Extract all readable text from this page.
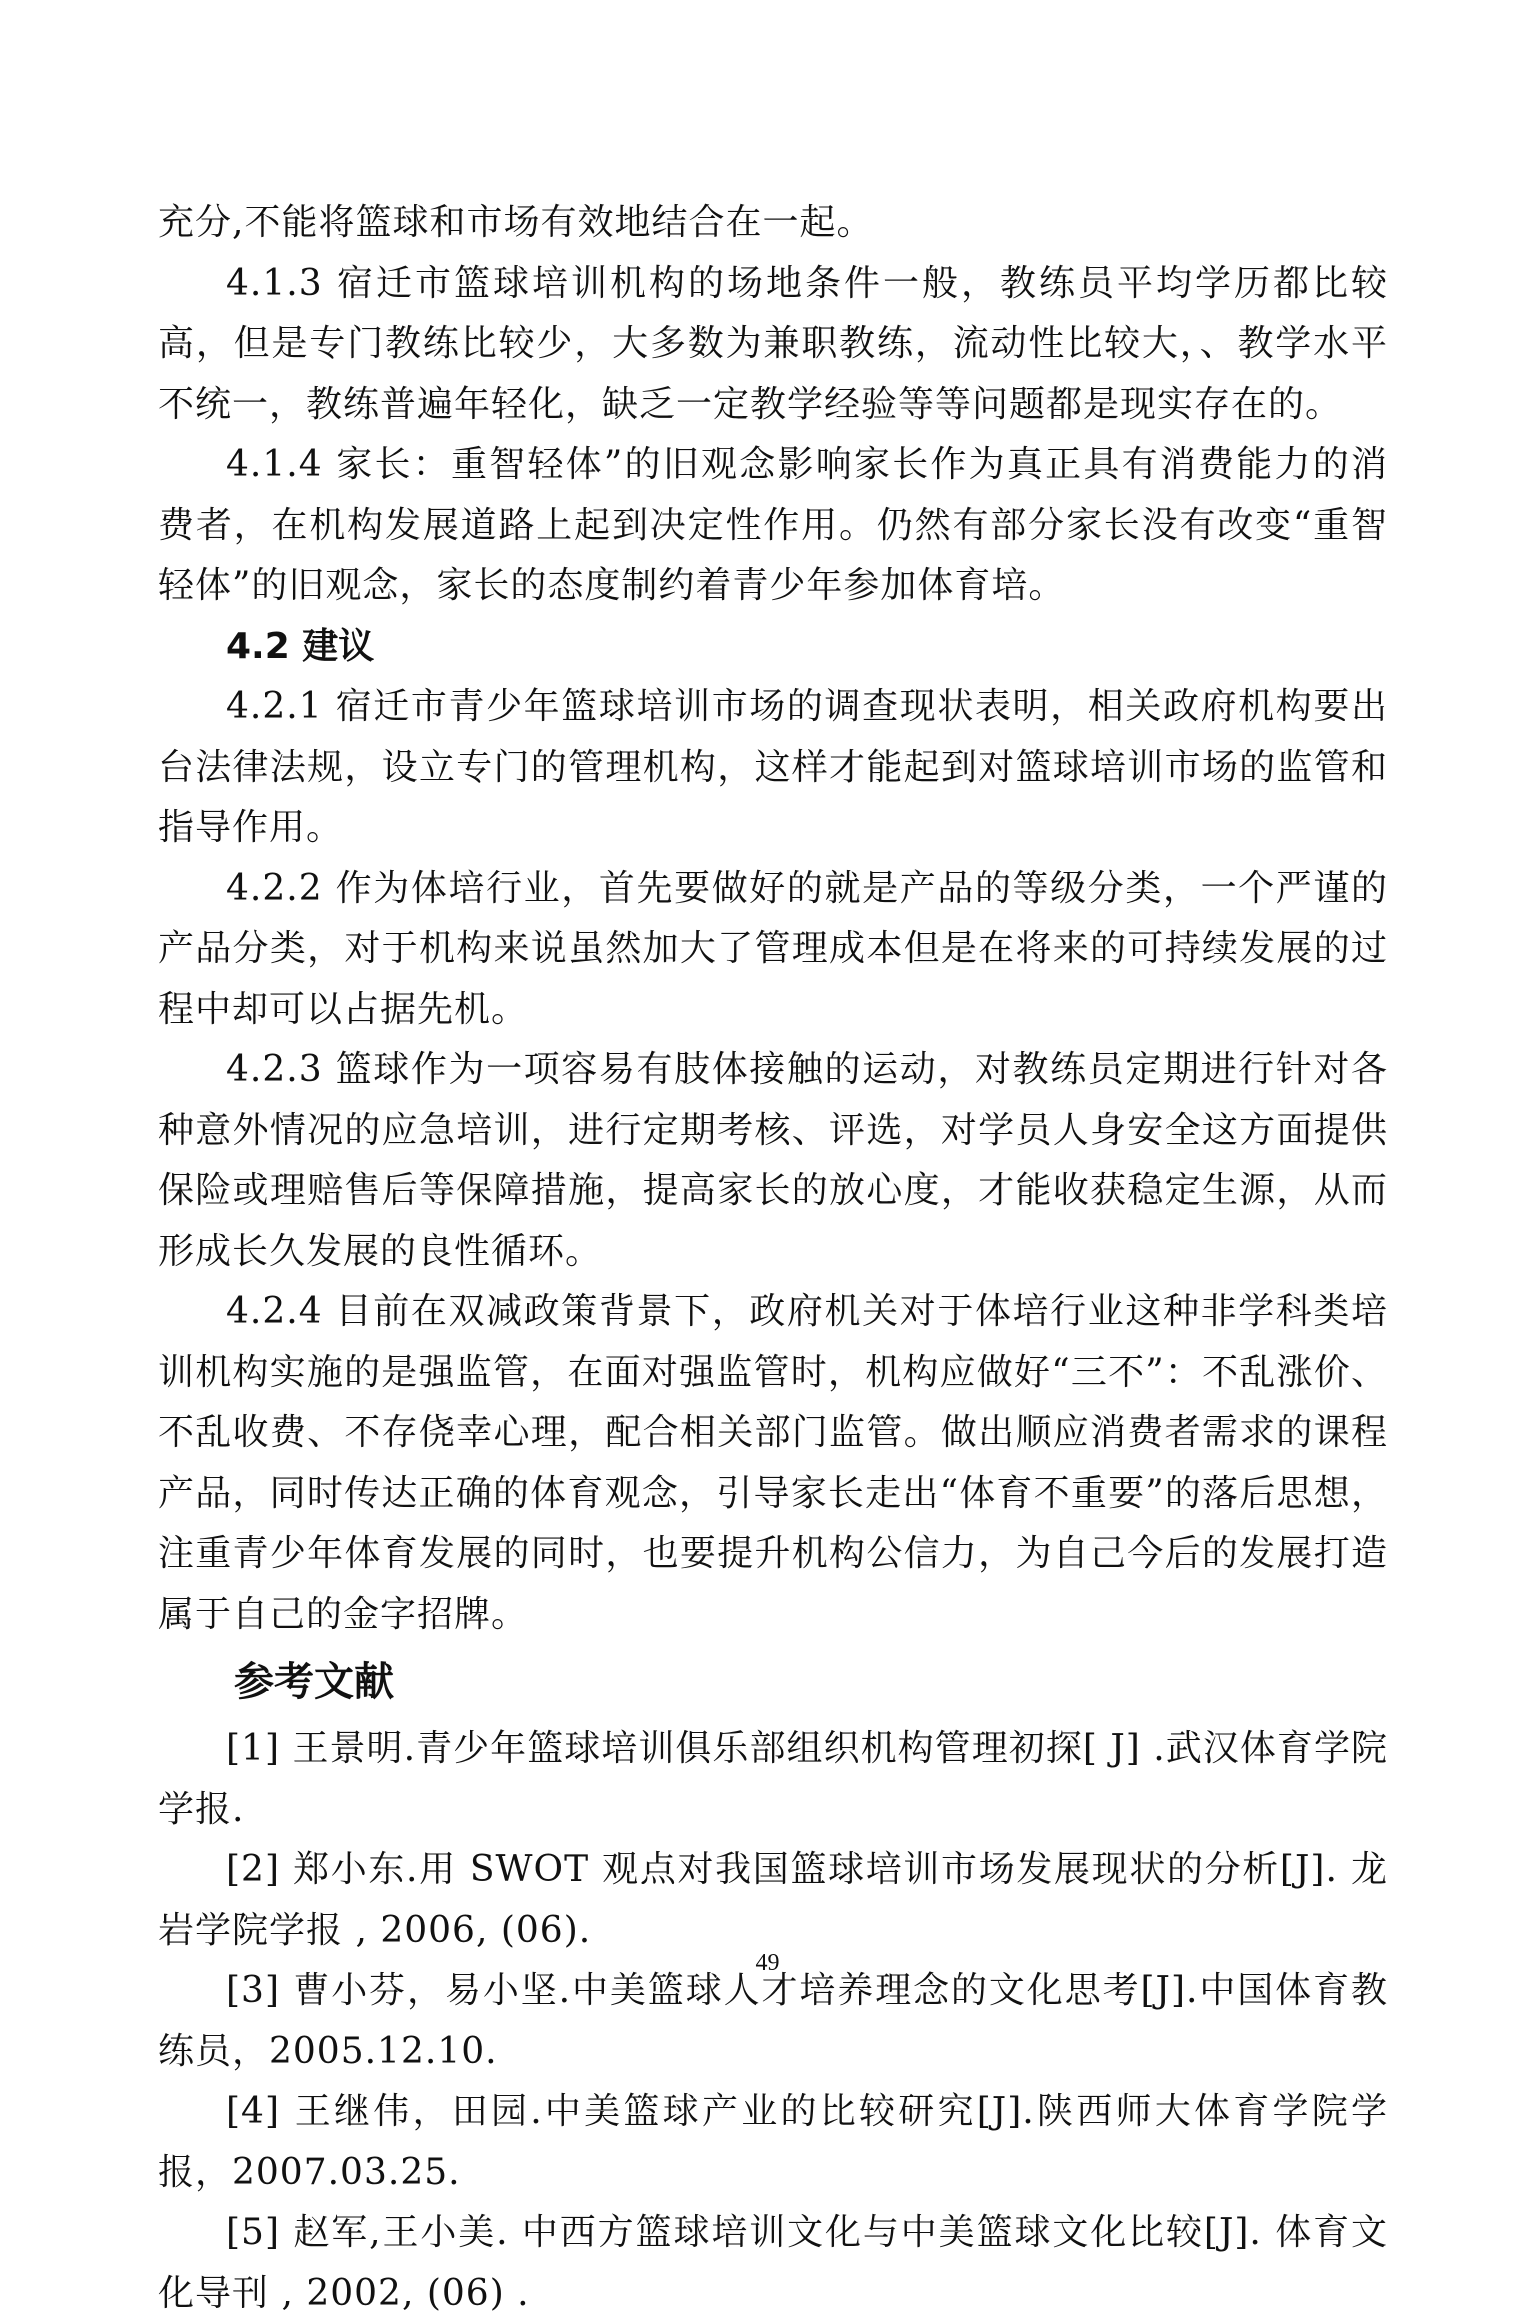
充分,不能将篮球和市场有效地结合在一起。

4.1.3 宿迁市篮球培训机构的场地条件一般，教练员平均学历都比较高，但是专门教练比较少，大多数为兼职教练，流动性比较大，、教学水平不统一，教练普遍年轻化，缺乏一定教学经验等等问题都是现实存在的。

4.1.4 家长：重智轻体”的旧观念影响家长作为真正具有消费能力的消费者，在机构发展道路上起到决定性作用。仍然有部分家长没有改变“重智轻体”的旧观念，家长的态度制约着青少年参加体育培。

4.2 建议

4.2.1 宿迁市青少年篮球培训市场的调查现状表明，相关政府机构要出台法律法规，设立专门的管理机构，这样才能起到对篮球培训市场的监管和指导作用。

4.2.2 作为体培行业，首先要做好的就是产品的等级分类，一个严谨的产品分类，对于机构来说虽然加大了管理成本但是在将来的可持续发展的过程中却可以占据先机。

4.2.3 篮球作为一项容易有肢体接触的运动，对教练员定期进行针对各种意外情况的应急培训，进行定期考核、评选，对学员人身安全这方面提供保险或理赔售后等保障措施，提高家长的放心度，才能收获稳定生源，从而形成长久发展的良性循环。

4.2.4 目前在双减政策背景下，政府机关对于体培行业这种非学科类培训机构实施的是强监管，在面对强监管时，机构应做好“三不”：不乱涨价、不乱收费、不存侥幸心理，配合相关部门监管。做出顺应消费者需求的课程产品，同时传达正确的体育观念，引导家长走出“体育不重要”的落后思想，注重青少年体育发展的同时，也要提升机构公信力，为自己今后的发展打造属于自己的金字招牌。

参考文献

[1] 王景明.青少年篮球培训俱乐部组织机构管理初探[ J] .武汉体育学院学报.

[2] 郑小东.用 SWOT 观点对我国篮球培训市场发展现状的分析[J]. 龙岩学院学报 , 2006, (06).

[3] 曹小芬，易小坚.中美篮球人才培养理念的文化思考[J].中国体育教练员，2005.12.10.

[4] 王继伟，田园.中美篮球产业的比较研究[J].陕西师大体育学院学报，2007.03.25.

[5] 赵军,王小美. 中西方篮球培训文化与中美篮球文化比较[J]. 体育文化导刊 , 2002, (06) .

49
